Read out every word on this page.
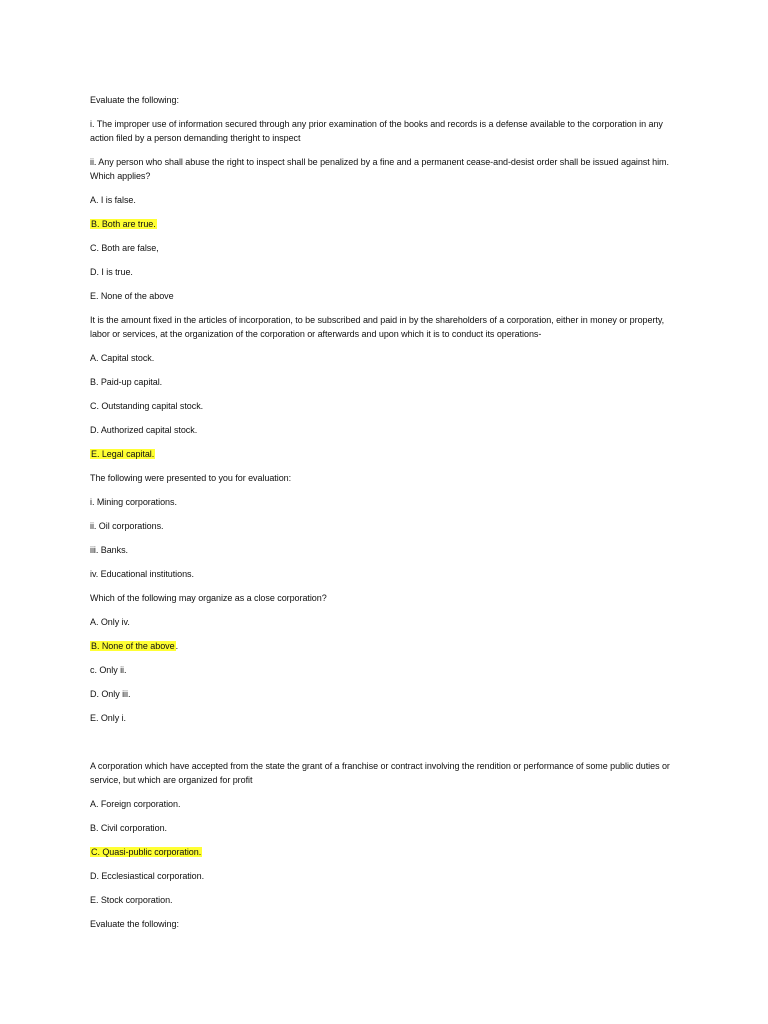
Evaluate the following:
i. The improper use of information secured through any prior examination of the books and records is a defense available to the corporation in any action filed by a person demanding theright to inspect
ii. Any person who shall abuse the right to inspect shall be penalized by a fine and a permanent cease-and-desist order shall be issued against him. Which applies?
A. I is false.
B. Both are true.
C. Both are false,
D. I is true.
E. None of the above
It is the amount fixed in the articles of incorporation, to be subscribed and paid in by the shareholders of a corporation, either in money or property, labor or services, at the organization of the corporation or afterwards and upon which it is to conduct its operations-
A. Capital stock.
B. Paid-up capital.
C. Outstanding capital stock.
D. Authorized capital stock.
E. Legal capital.
The following were presented to you for evaluation:
i. Mining corporations.
ii. Oil corporations.
iii. Banks.
iv. Educational institutions.
Which of the following may organize as a close corporation?
A. Only iv.
B. None of the above.
c. Only ii.
D. Only iii.
E. Only i.
A corporation which have accepted from the state the grant of a franchise or contract involving the rendition or performance of some public duties or service, but which are organized for profit
A. Foreign corporation.
B. Civil corporation.
C. Quasi-public corporation.
D. Ecclesiastical corporation.
E. Stock corporation.
Evaluate the following:
